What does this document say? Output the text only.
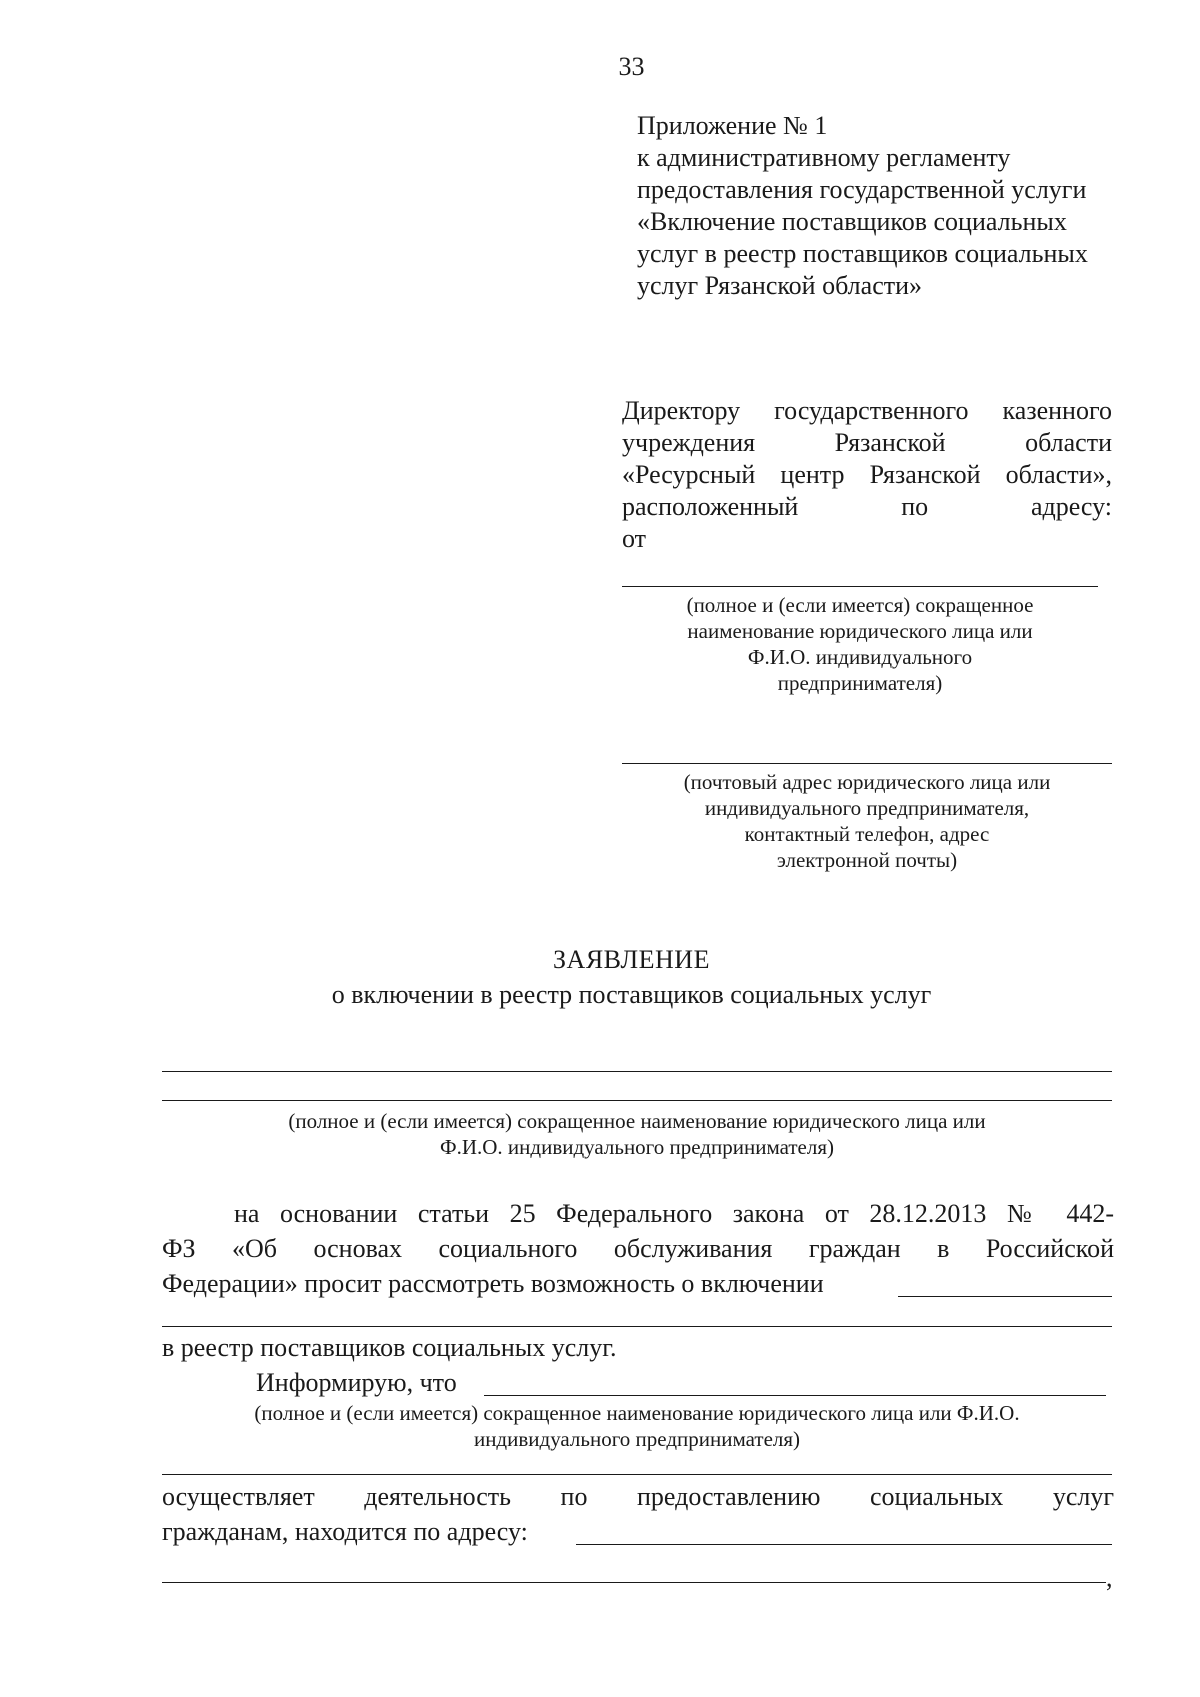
33
Приложение № 1
к административному регламенту
предоставления государственной услуги
«Включение поставщиков социальных
услуг в реестр поставщиков социальных
услуг Рязанской области»
Директору государственного казенного
учреждения Рязанской области
«Ресурсный центр Рязанской области»,
расположенный по адресу:
от
(полное и (если имеется) сокращенное
наименование юридического лица или
Ф.И.О. индивидуального
предпринимателя)
(почтовый адрес юридического лица или
индивидуального предпринимателя,
контактный телефон, адрес
электронной почты)
ЗАЯВЛЕНИЕ
о включении в реестр поставщиков социальных услуг
(полное и (если имеется) сокращенное наименование юридического лица или
Ф.И.О. индивидуального предпринимателя)
на основании статьи 25 Федерального закона от 28.12.2013 № 442-
ФЗ «Об основах социального обслуживания граждан в Российской
Федерации» просит рассмотреть возможность о включении
в реестр поставщиков социальных услуг.
Информирую, что
(полное и (если имеется) сокращенное наименование юридического лица или Ф.И.О.
индивидуального предпринимателя)
осуществляет деятельность по предоставлению социальных услуг
гражданам, находится по адресу:
,
